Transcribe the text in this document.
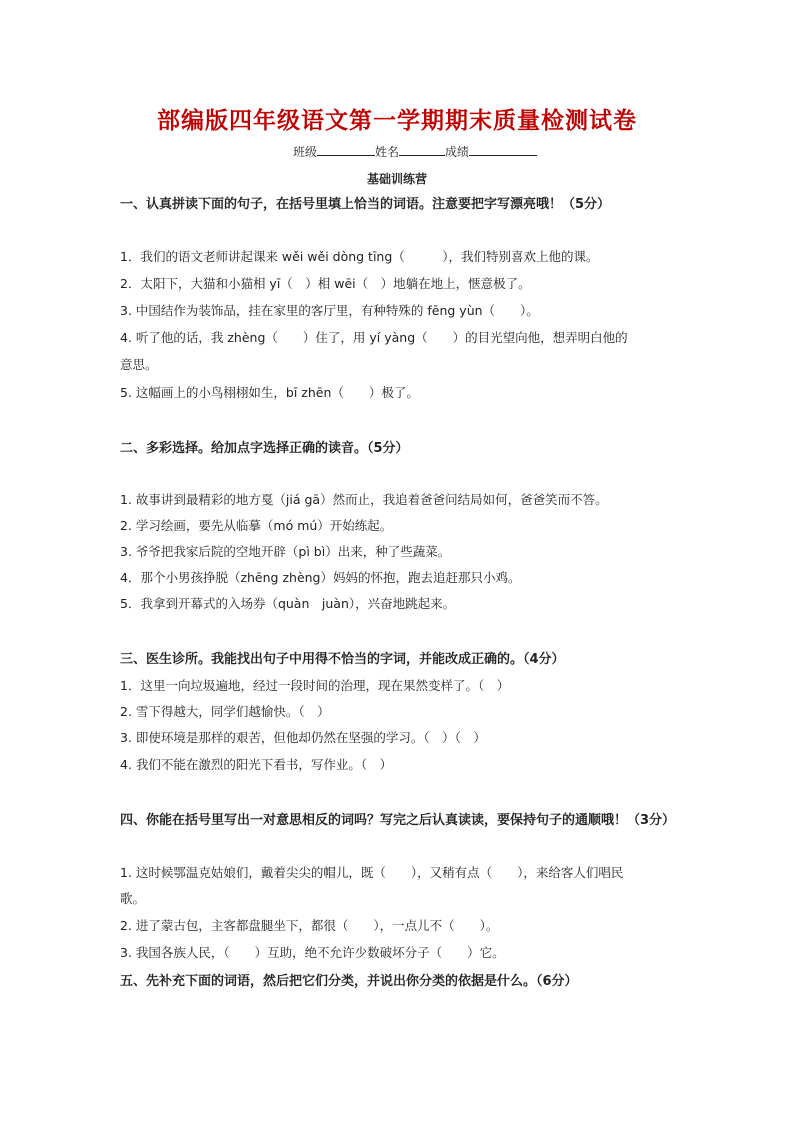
部编版四年级语文第一学期期末质量检测试卷
班级	姓名	成绩
基础训练营
一、认真拼读下面的句子，在括号里填上恰当的词语。注意要把字写漂亮哦！（5分）
1．我们的语文老师讲起课来 wěi wěi dòng tīng（　　　），我们特别喜欢上他的课。
2．太阳下，大猫和小猫相 yī（　）相 wēi（　）地躺在地上，惬意极了。
3. 中国结作为装饰品，挂在家里的客厅里，有种特殊的 fēng yùn（　　）。
4. 听了他的话，我 zhèng（　　）住了，用 yí yàng（　　）的目光望向他，想弄明白他的
意思。
5. 这幅画上的小鸟栩栩如生，bī zhēn（　　）极了。
二、多彩选择。给加点字选择正确的读音。（5分）
1. 故事讲到最精彩的地方戛（jiá gā）然而止，我追着爸爸问结局如何，爸爸笑而不答。
2. 学习绘画，要先从临摹（mó mú）开始练起。
3. 爷爷把我家后院的空地开辟（pì bì）出来，种了些蔬菜。
4．那个小男孩挣脱（zhēng zhèng）妈妈的怀抱，跑去追赶那只小鸡。
5．我拿到开幕式的入场券（quàn　juàn），兴奋地跳起来。
三、医生诊所。我能找出句子中用得不恰当的字词，并能改成正确的。（4分）
1．这里一向垃圾遍地，经过一段时间的治理，现在果然变样了。（　）
2. 雪下得越大，同学们越愉快。（　）
3. 即使环境是那样的艰苦，但他却仍然在坚强的学习。（　）（　）
4. 我们不能在激烈的阳光下看书，写作业。（　）
四、你能在括号里写出一对意思相反的词吗？写完之后认真读读，要保持句子的通顺哦！（3分）
1. 这时候鄂温克姑娘们，戴着尖尖的帽儿，既（　　），又稍有点（　　），来给客人们唱民
歌。
2. 进了蒙古包，主客都盘腿坐下，都很（　　），一点儿不（　　）。
3. 我国各族人民，（　　）互助，绝不允许少数破坏分子（　　）它。
五、先补充下面的词语，然后把它们分类，并说出你分类的依据是什么。（6分）
